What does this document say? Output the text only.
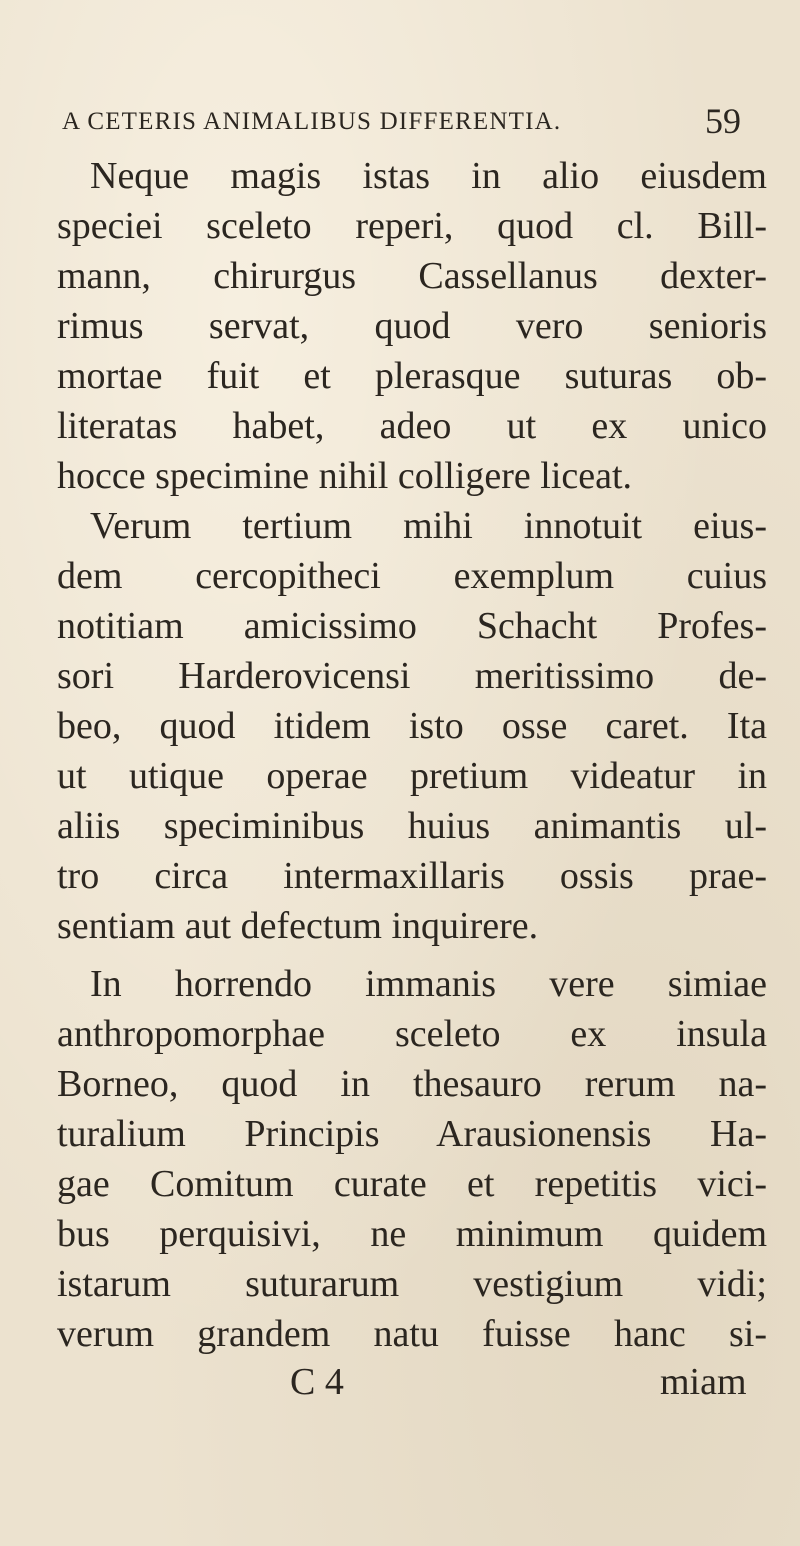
A CETERIS ANIMALIBUS DIFFERENTIA.	59
Neque magis istas in alio eiusdem
speciei sceleto reperi, quod cl. Bill-
mann, chirurgus Cassellanus dexter-
rimus servat, quod vero senioris
mortae fuit et plerasque suturas ob-
literatas habet, adeo ut ex unico
hocce specimine nihil colligere liceat.
Verum tertium mihi innotuit eius-
dem cercopitheci exemplum cuius
notitiam amicissimo Schacht Profes-
sori Harderovicensi meritissimo de-
beo, quod itidem isto osse caret. Ita
ut utique operae pretium videatur in
aliis speciminibus huius animantis ul-
tro circa intermaxillaris ossis prae-
sentiam aut defectum inquirere.
In horrendo immanis vere simiae
anthropomorphae sceleto ex insula
Borneo, quod in thesauro rerum na-
turalium Principis Arausionensis Ha-
gae Comitum curate et repetitis vici-
bus perquisivi, ne minimum quidem
istarum suturarum vestigium vidi;
verum grandem natu fuisse hanc si-
C 4	miam
